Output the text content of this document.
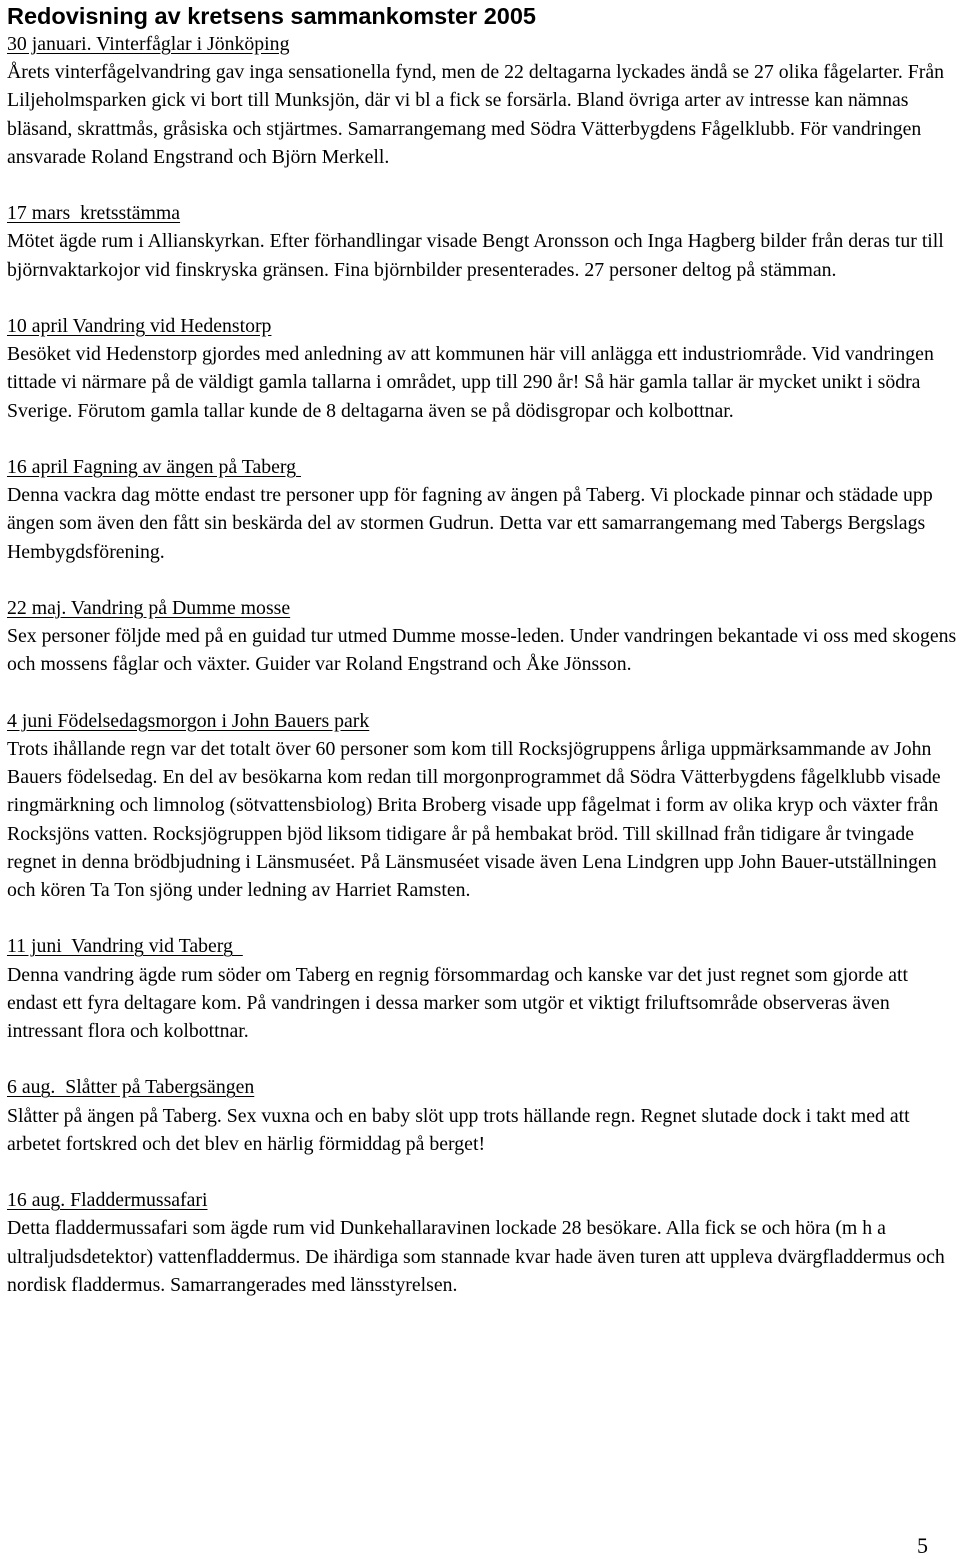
Redovisning av kretsens sammankomster 2005
30 januari. Vinterfåglar i Jönköping

Årets vinterfågelvandring gav inga sensationella fynd, men de 22 deltagarna lyckades ändå se 27 olika fågelarter. Från Liljeholmsparken gick vi bort till Munksjön, där vi bl a fick se forsärla. Bland övriga arter av intresse kan nämnas bläsand, skrattmås, gråsiska och stjärtmes. Samarrangemang med Södra Vätterbygdens Fågelklubb. För vandringen ansvarade Roland Engstrand och Björn Merkell.

17 mars  kretsstämma

Mötet ägde rum i Allianskyrkan. Efter förhandlingar visade Bengt Aronsson och Inga Hagberg bilder från deras tur till björnvaktarkojor vid finskryska gränsen. Fina björnbilder presenterades. 27 personer deltog på stämman.

10 april Vandring vid Hedenstorp

Besöket vid Hedenstorp gjordes med anledning av att kommunen här vill anlägga ett industriområde. Vid vandringen tittade vi närmare på de väldigt gamla tallarna i området, upp till 290 år! Så här gamla tallar är mycket unikt i södra Sverige. Förutom gamla tallar kunde de 8 deltagarna även se på dödisgropar och kolbottnar.

16 april Fagning av ängen på Taberg

Denna vackra dag mötte endast tre personer upp för fagning av ängen på Taberg. Vi plockade pinnar och städade upp ängen som även den fått sin beskärda del av stormen Gudrun. Detta var ett samarrangemang med Tabergs Bergslags Hembygdsförening.

22 maj. Vandring på Dumme mosse

Sex personer följde med på en guidad tur utmed Dumme mosse-leden. Under vandringen bekantade vi oss med skogens och mossens fåglar och växter. Guider var Roland Engstrand och Åke Jönsson.

4 juni Födelsedagsmorgon i John Bauers park

Trots ihållande regn var det totalt över 60 personer som kom till Rocksjögruppens årliga uppmärksammande av John Bauers födelsedag. En del av besökarna kom redan till morgonprogrammet då Södra Vätterbygdens fågelklubb visade ringmärkning och limnolog (sötvattensbiolog) Brita Broberg visade upp fågelmat i form av olika kryp och växter från Rocksjöns vatten. Rocksjögruppen bjöd liksom tidigare år på hembakat bröd. Till skillnad från tidigare år tvingade regnet in denna brödbjudning i Länsmuséet. På Länsmuséet visade även Lena Lindgren upp John Bauer-utställningen och kören Ta Ton sjöng under ledning av Harriet Ramsten.

11 juni  Vandring vid Taberg

Denna vandring ägde rum söder om Taberg en regnig försommardag och kanske var det just regnet som gjorde att endast ett fyra deltagare kom. På vandringen i dessa marker som utgör et viktigt friluftsområde observeras även intressant flora och kolbottnar.

6 aug.  Slåtter på Tabergsängen

Slåtter på ängen på Taberg. Sex vuxna och en baby slöt upp trots hällande regn. Regnet slutade dock i takt med att arbetet fortskred och det blev en härlig förmiddag på berget!

16 aug. Fladdermussafari

Detta fladdermussafari som ägde rum vid Dunkehallaravinen lockade 28 besökare. Alla fick se och höra (m h a ultraljudsdetektor) vattenfladdermus. De ihärdiga som stannade kvar hade även turen att uppleva dvärgfladdermus och nordisk fladdermus. Samarrangerades med länsstyrelsen.

5
